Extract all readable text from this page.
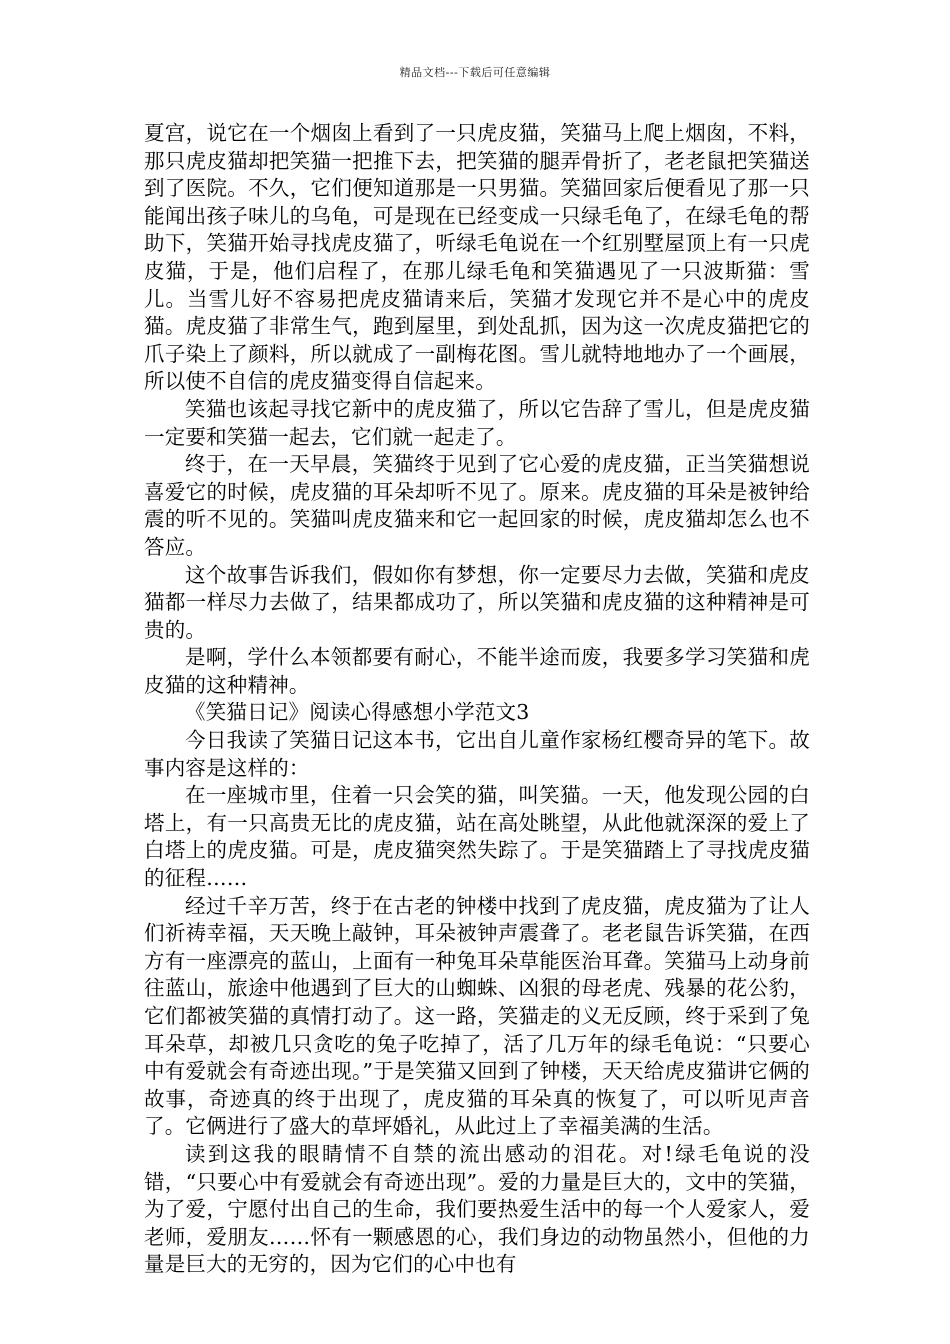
精品文档---下载后可任意编辑

夏宫，说它在一个烟囱上看到了一只虎皮猫，笑猫马上爬上烟囱，不料，那只虎皮猫却把笑猫一把推下去，把笑猫的腿弄骨折了，老老鼠把笑猫送到了医院。不久，它们便知道那是一只男猫。笑猫回家后便看见了那一只能闻出孩子味儿的乌龟，可是现在已经变成一只绿毛龟了，在绿毛龟的帮助下，笑猫开始寻找虎皮猫了，听绿毛龟说在一个红别墅屋顶上有一只虎皮猫，于是，他们启程了，在那儿绿毛龟和笑猫遇见了一只波斯猫：雪儿。当雪儿好不容易把虎皮猫请来后，笑猫才发现它并不是心中的虎皮猫。虎皮猫了非常生气，跑到屋里，到处乱抓，因为这一次虎皮猫把它的爪子染上了颜料，所以就成了一副梅花图。雪儿就特地地办了一个画展，所以使不自信的虎皮猫变得自信起来。

笑猫也该起寻找它新中的虎皮猫了，所以它告辞了雪儿，但是虎皮猫一定要和笑猫一起去，它们就一起走了。

终于，在一天早晨，笑猫终于见到了它心爱的虎皮猫，正当笑猫想说喜爱它的时候，虎皮猫的耳朵却听不见了。原来。虎皮猫的耳朵是被钟给震的听不见的。笑猫叫虎皮猫来和它一起回家的时候，虎皮猫却怎么也不答应。

这个故事告诉我们，假如你有梦想，你一定要尽力去做，笑猫和虎皮猫都一样尽力去做了，结果都成功了，所以笑猫和虎皮猫的这种精神是可贵的。

是啊，学什么本领都要有耐心，不能半途而废，我要多学习笑猫和虎皮猫的这种精神。

《笑猫日记》阅读心得感想小学范文3

今日我读了笑猫日记这本书，它出自儿童作家杨红樱奇异的笔下。故事内容是这样的：

在一座城市里，住着一只会笑的猫，叫笑猫。一天，他发现公园的白塔上，有一只高贵无比的虎皮猫，站在高处眺望，从此他就深深的爱上了白塔上的虎皮猫。可是，虎皮猫突然失踪了。于是笑猫踏上了寻找虎皮猫的征程……

经过千辛万苦，终于在古老的钟楼中找到了虎皮猫，虎皮猫为了让人们祈祷幸福，天天晚上敲钟，耳朵被钟声震聋了。老老鼠告诉笑猫，在西方有一座漂亮的蓝山，上面有一种兔耳朵草能医治耳聋。笑猫马上动身前往蓝山，旅途中他遇到了巨大的山蜘蛛、凶狠的母老虎、残暴的花公豹，它们都被笑猫的真情打动了。这一路，笑猫走的义无反顾，终于采到了兔耳朵草，却被几只贪吃的兔子吃掉了，活了几万年的绿毛龟说：“只要心中有爱就会有奇迹出现。”于是笑猫又回到了钟楼，天天给虎皮猫讲它俩的故事，奇迹真的终于出现了，虎皮猫的耳朵真的恢复了，可以听见声音了。它俩进行了盛大的草坪婚礼，从此过上了幸福美满的生活。

读到这我的眼睛情不自禁的流出感动的泪花。对!绿毛龟说的没错，“只要心中有爱就会有奇迹出现”。爱的力量是巨大的，文中的笑猫，为了爱，宁愿付出自己的生命，我们要热爱生活中的每一个人爱家人，爱老师，爱朋友……怀有一颗感恩的心，我们身边的动物虽然小，但他的力量是巨大的无穷的，因为它们的心中也有
